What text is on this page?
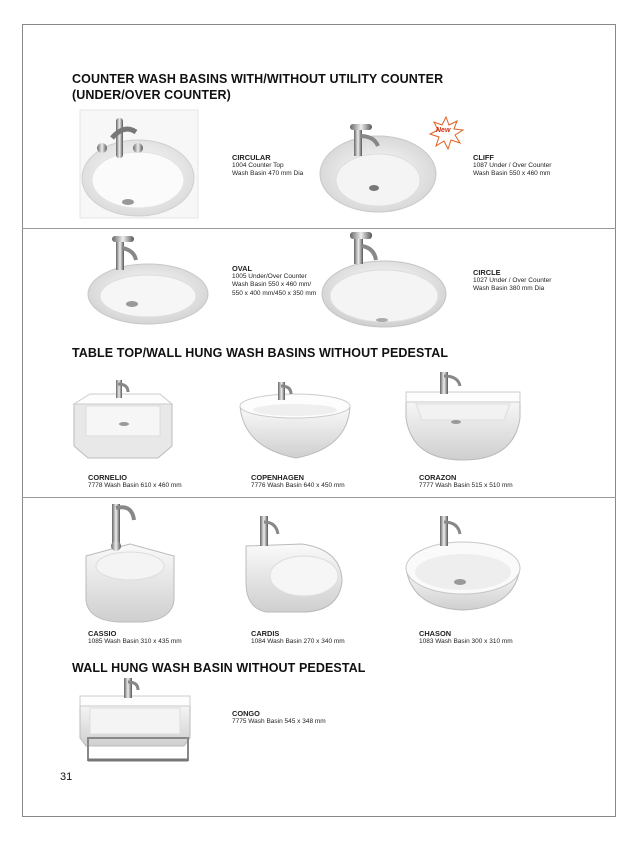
COUNTER WASH BASINS WITH/WITHOUT UTILITY COUNTER
(UNDER/OVER COUNTER)
CIRCULAR
1004 Counter Top
Wash Basin 470 mm Dia
New
CLIFF
1087 Under / Over Counter
Wash Basin 550 x 460 mm
OVAL
1005 Under/Over Counter
Wash Basin 550 x 460 mm/
550 x 400 mm/450 x 350 mm
CIRCLE
1027 Under / Over Counter
Wash Basin 380 mm Dia
TABLE TOP/WALL HUNG WASH BASINS WITHOUT PEDESTAL
CORNELIO
7778 Wash Basin 610 x 460 mm
COPENHAGEN
7776 Wash Basin 640 x 450 mm
CORAZON
7777 Wash Basin 515 x 510 mm
CASSIO
1085 Wash Basin 310 x 435 mm
CARDIS
1084 Wash Basin 270 x 340 mm
CHASON
1083 Wash Basin 300 x 310 mm
WALL HUNG WASH BASIN WITHOUT PEDESTAL
CONGO
7775 Wash Basin 545 x 348 mm
31
